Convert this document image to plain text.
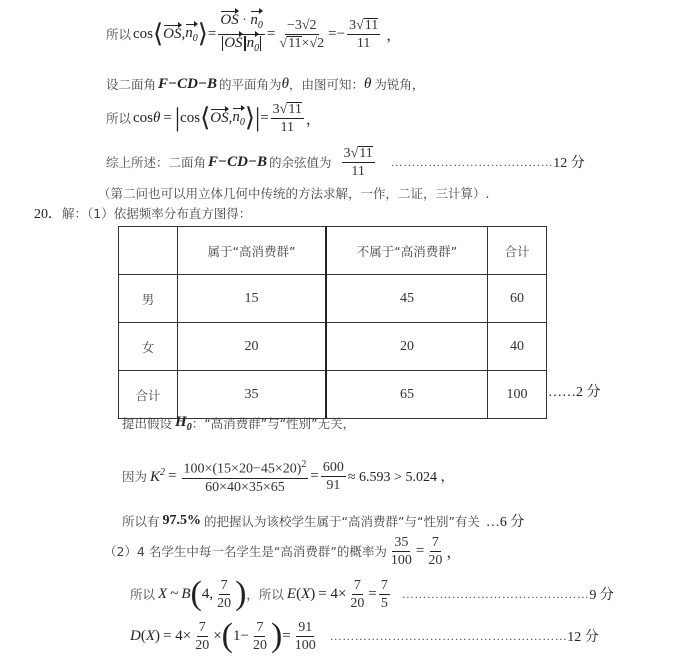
所以 cos ⟨ OS , $n_0$ ⟩ = $\frac{OS \cdot n_0}{OS n_0} = \frac{-3√2}{√11\times√2}$ = − $\frac{3√11}{11}$ ，
设二面角 F−CD−B 的平面角为 θ ，由图可知： θ 为锐角，
所以 cos θ = | cos ⟨ OS , $n_0$ ⟩ | = $\frac{3√11}{11}$ ，
综上所述：二面角 F−CD−B 的余弦值为 $\frac{3√11}{11}$ ………………………………… 12 分
（第二问也可以用立体几何中传统的方法求解，一作，二证，三计算）.
20． 解：（1）依据频率分布直方图得：
	属于“高消费群”	不属于“高消费群”	合计
男	15	45	60
女	20	20	40
合计	35	65	100 ……2 分
提出假设 $H_0$ ：“高消费群”与“性别”无关，
因为 $K^2 = \frac{100\times(15\times 20-45\times 20)^2}{60\times 40\times 35\times 65} = \frac{600}{91} \approx 6.593 > 5.024$ ，
所以有 97.5% 的把握认为该校学生属于“高消费群”与“性别”有关 …6 分
（2）4 名学生中每一名学生是“高消费群”的概率为 $\frac{35}{100} = \frac{7}{20}$ ，
所以 X ~ B ( 4, $\frac{7}{20}$ ) ，所以 E ( X ) = $4\times \frac{7}{20} = \frac{7}{5}$ ……………………………………… 9 分
D ( X ) = $4\times \frac{7}{20}$ × ( $1- \frac{7}{20}$ ) = $\frac{91}{100}$ ………………………………………………… 12 分
